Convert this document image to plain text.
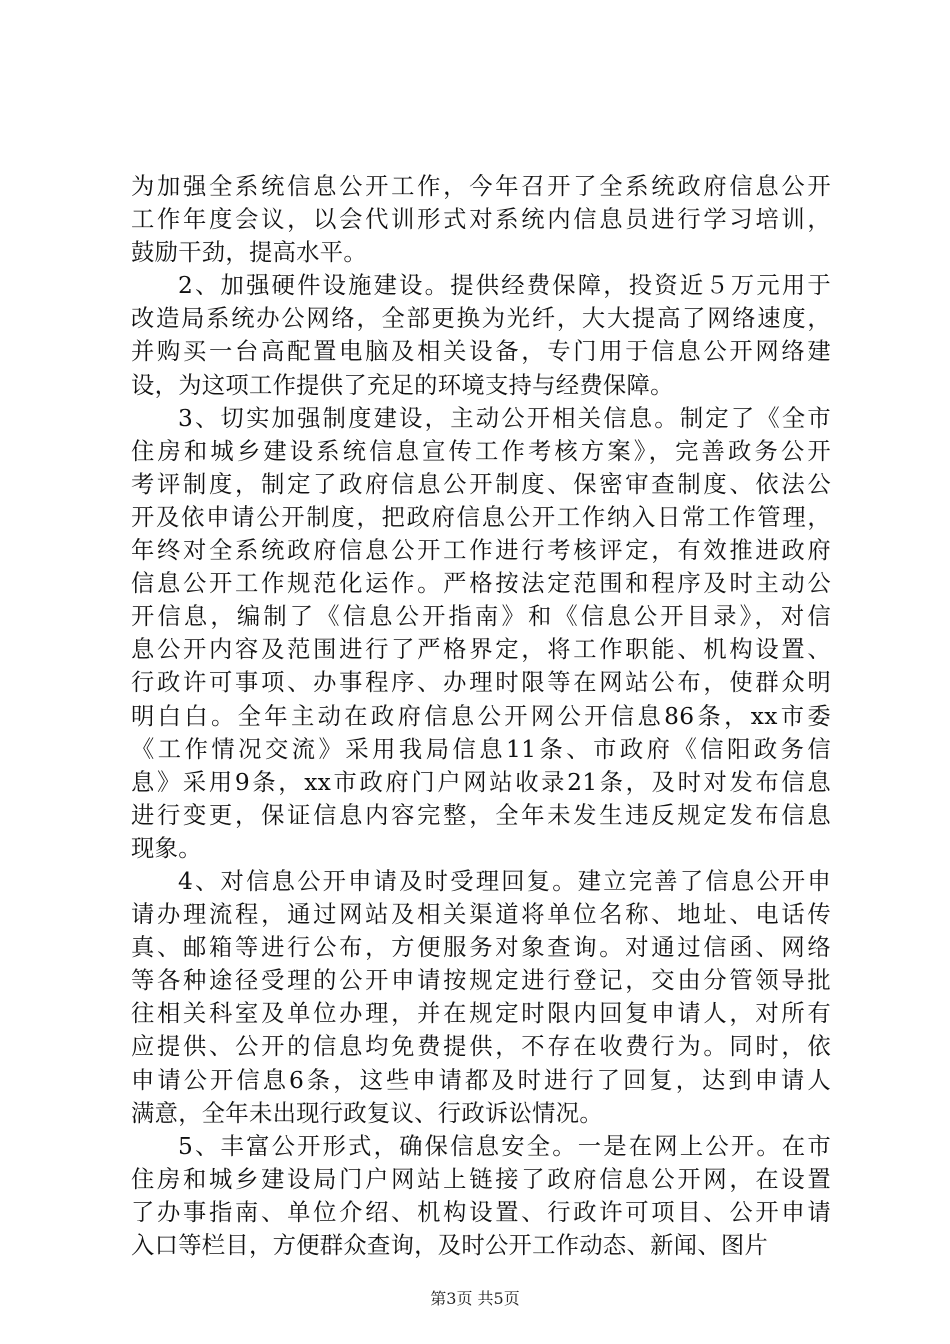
为加强全系统信息公开工作，今年召开了全系统政府信息公开
工作年度会议，以会代训形式对系统内信息员进行学习培训，
鼓励干劲，提高水平。
2、加强硬件设施建设。提供经费保障，投资近５万元用于
改造局系统办公网络，全部更换为光纤，大大提高了网络速度，
并购买一台高配置电脑及相关设备，专门用于信息公开网络建
设，为这项工作提供了充足的环境支持与经费保障。
3、切实加强制度建设，主动公开相关信息。制定了《全市
住房和城乡建设系统信息宣传工作考核方案》，完善政务公开
考评制度，制定了政府信息公开制度、保密审查制度、依法公
开及依申请公开制度，把政府信息公开工作纳入日常工作管理，
年终对全系统政府信息公开工作进行考核评定，有效推进政府
信息公开工作规范化运作。严格按法定范围和程序及时主动公
开信息，编制了《信息公开指南》和《信息公开目录》，对信
息公开内容及范围进行了严格界定，将工作职能、机构设置、
行政许可事项、办事程序、办理时限等在网站公布，使群众明
明白白。全年主动在政府信息公开网公开信息86条，xx市委
《工作情况交流》采用我局信息11条、市政府《信阳政务信
息》采用9条，xx市政府门户网站收录21条，及时对发布信息
进行变更，保证信息内容完整，全年未发生违反规定发布信息
现象。
4、对信息公开申请及时受理回复。建立完善了信息公开申
请办理流程，通过网站及相关渠道将单位名称、地址、电话传
真、邮箱等进行公布，方便服务对象查询。对通过信函、网络
等各种途径受理的公开申请按规定进行登记，交由分管领导批
往相关科室及单位办理，并在规定时限内回复申请人，对所有
应提供、公开的信息均免费提供，不存在收费行为。同时，依
申请公开信息6条，这些申请都及时进行了回复，达到申请人
满意，全年未出现行政复议、行政诉讼情况。
5、丰富公开形式，确保信息安全。一是在网上公开。在市
住房和城乡建设局门户网站上链接了政府信息公开网，在设置
了办事指南、单位介绍、机构设置、行政许可项目、公开申请
入口等栏目，方便群众查询，及时公开工作动态、新闻、图片
第3页 共5页
